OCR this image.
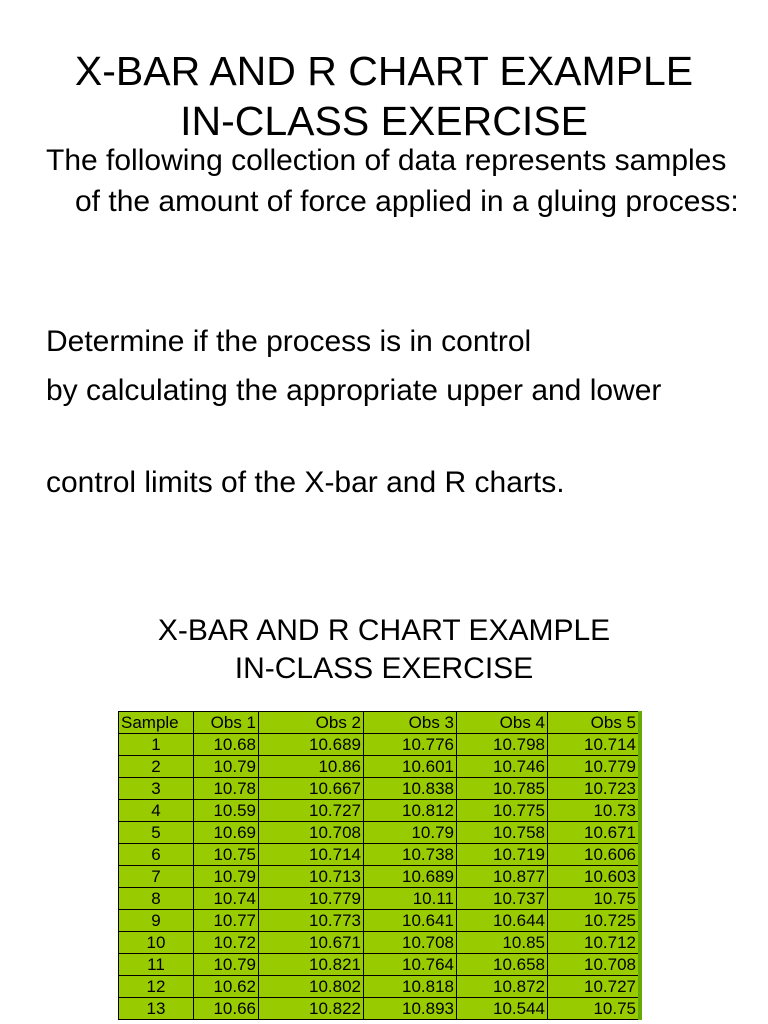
X-BAR AND R CHART EXAMPLE
IN-CLASS EXERCISE

The following collection of data represents samples of the amount of force applied in a gluing process:

Determine if the process is in control

by calculating the appropriate upper and lower

control limits of the X-bar and R charts.

X-BAR AND R CHART EXAMPLE
IN-CLASS EXERCISE
Sample	Obs 1	Obs 2	Obs 3	Obs 4	Obs 5
1	10.68	10.689	10.776	10.798	10.714
2	10.79	10.86	10.601	10.746	10.779
3	10.78	10.667	10.838	10.785	10.723
4	10.59	10.727	10.812	10.775	10.73
5	10.69	10.708	10.79	10.758	10.671
6	10.75	10.714	10.738	10.719	10.606
7	10.79	10.713	10.689	10.877	10.603
8	10.74	10.779	10.11	10.737	10.75
9	10.77	10.773	10.641	10.644	10.725
10	10.72	10.671	10.708	10.85	10.712
11	10.79	10.821	10.764	10.658	10.708
12	10.62	10.802	10.818	10.872	10.727
13	10.66	10.822	10.893	10.544	10.75
